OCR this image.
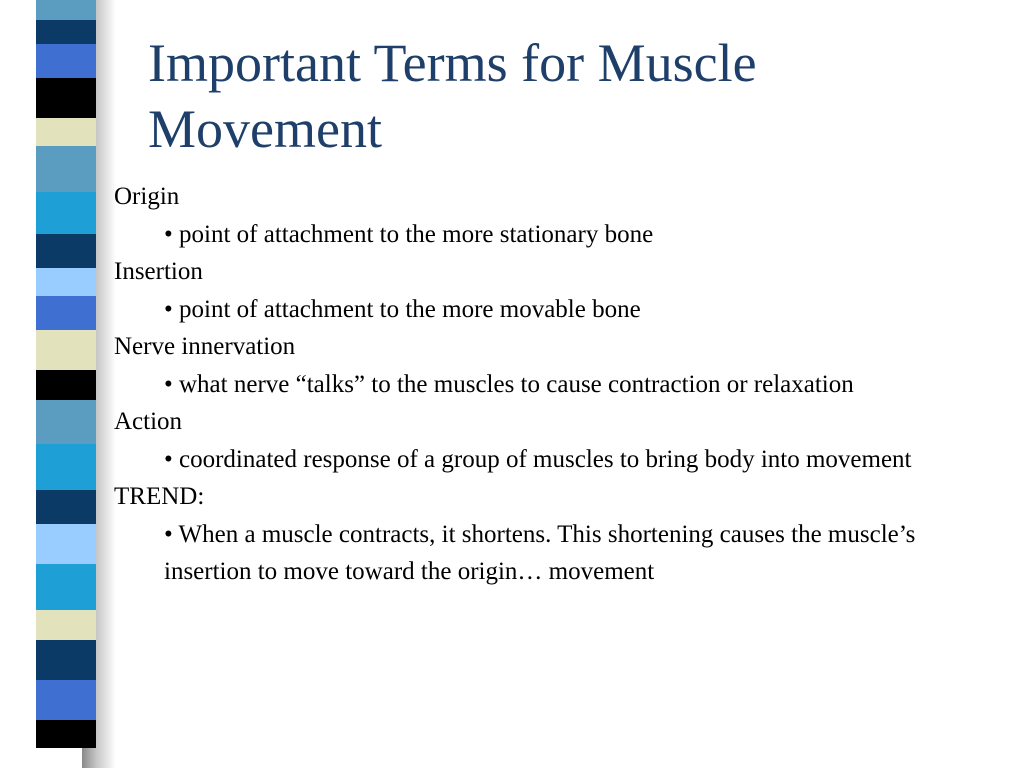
Important Terms for Muscle Movement

Origin

• point of attachment to the more stationary bone

Insertion

• point of attachment to the more movable bone

Nerve innervation

• what nerve “talks” to the muscles to cause contraction or relaxation

Action

• coordinated response of a group of muscles to bring body into movement

TREND:

• When a muscle contracts, it shortens. This shortening causes the muscle’s insertion to move toward the origin… movement
